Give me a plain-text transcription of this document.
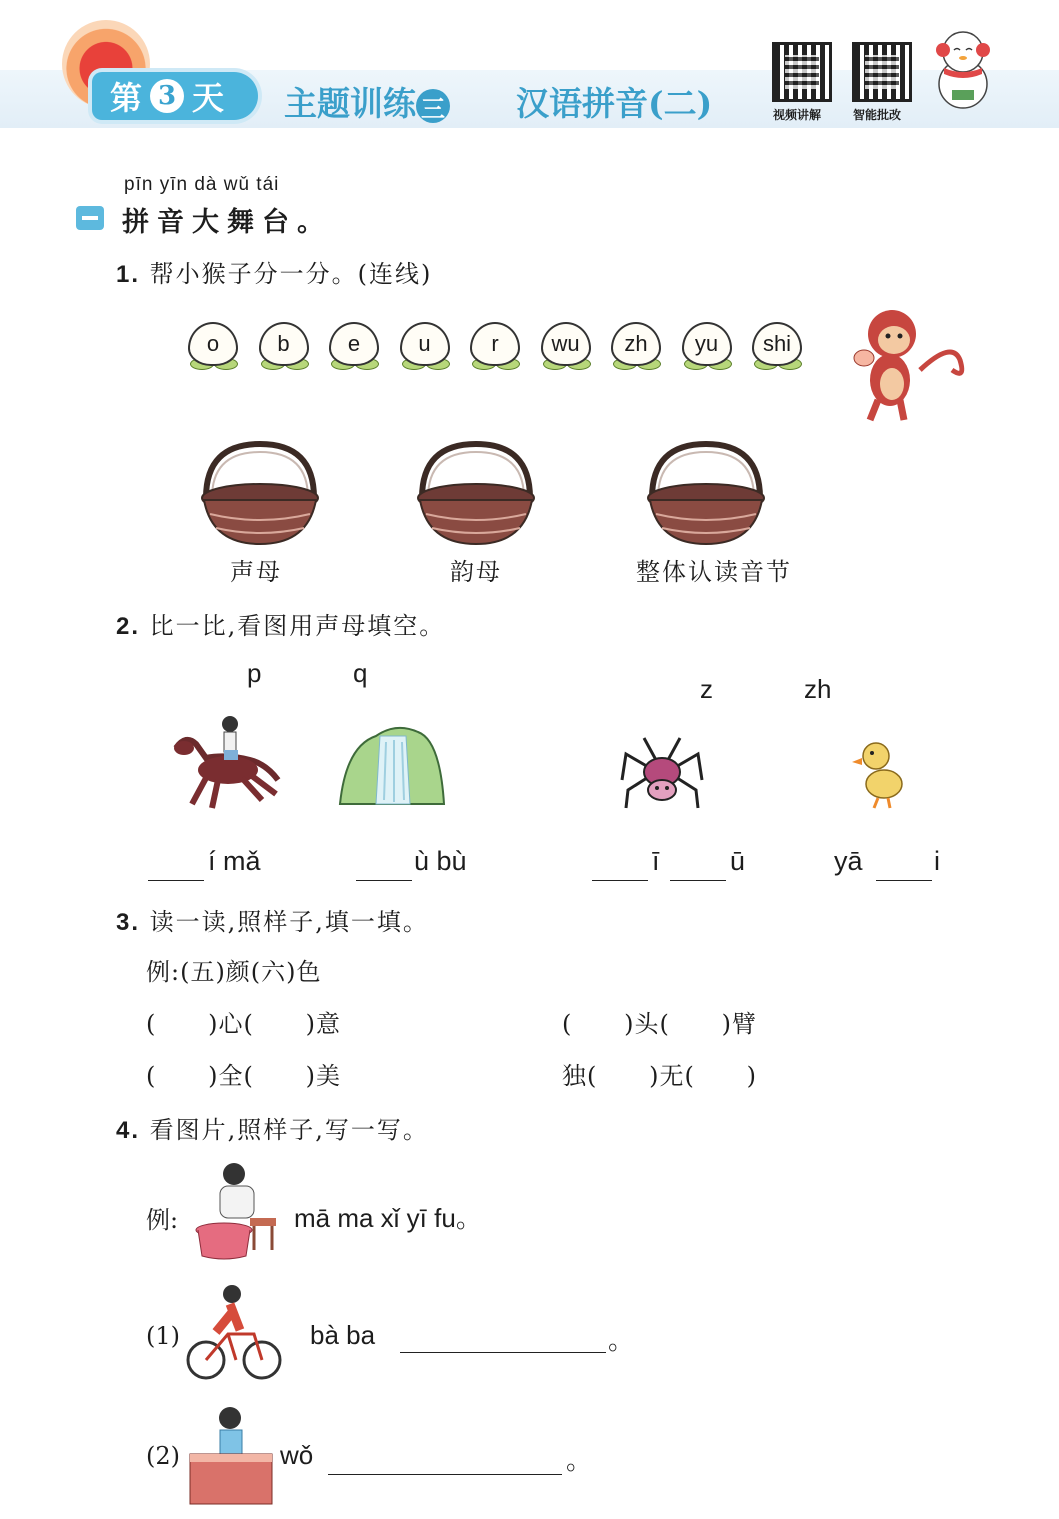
第 3 天 主题训练 三 汉语拼音(二)	视频讲解	智能批改
pīn yīn dà wǔ tái
拼音大舞台。
1. 帮小猴子分一分。(连线)
o	b	e	u	r	wu	zh	yu	shi
声母	韵母	整体认读音节
2. 比一比,看图用声母填空。
p	q
z	zh
í mǎ	ù bù	ī	ū	yā	i
3. 读一读,照样子,填一填。
例:(五)颜(六)色
(      )心(      )意	(      )头(      )臂
(      )全(      )美	独(      )无(      )
4. 看图片,照样子,写一写。
例:	mā ma xǐ yī fu。
(1)	bà ba	。
(2)	wǒ	。
